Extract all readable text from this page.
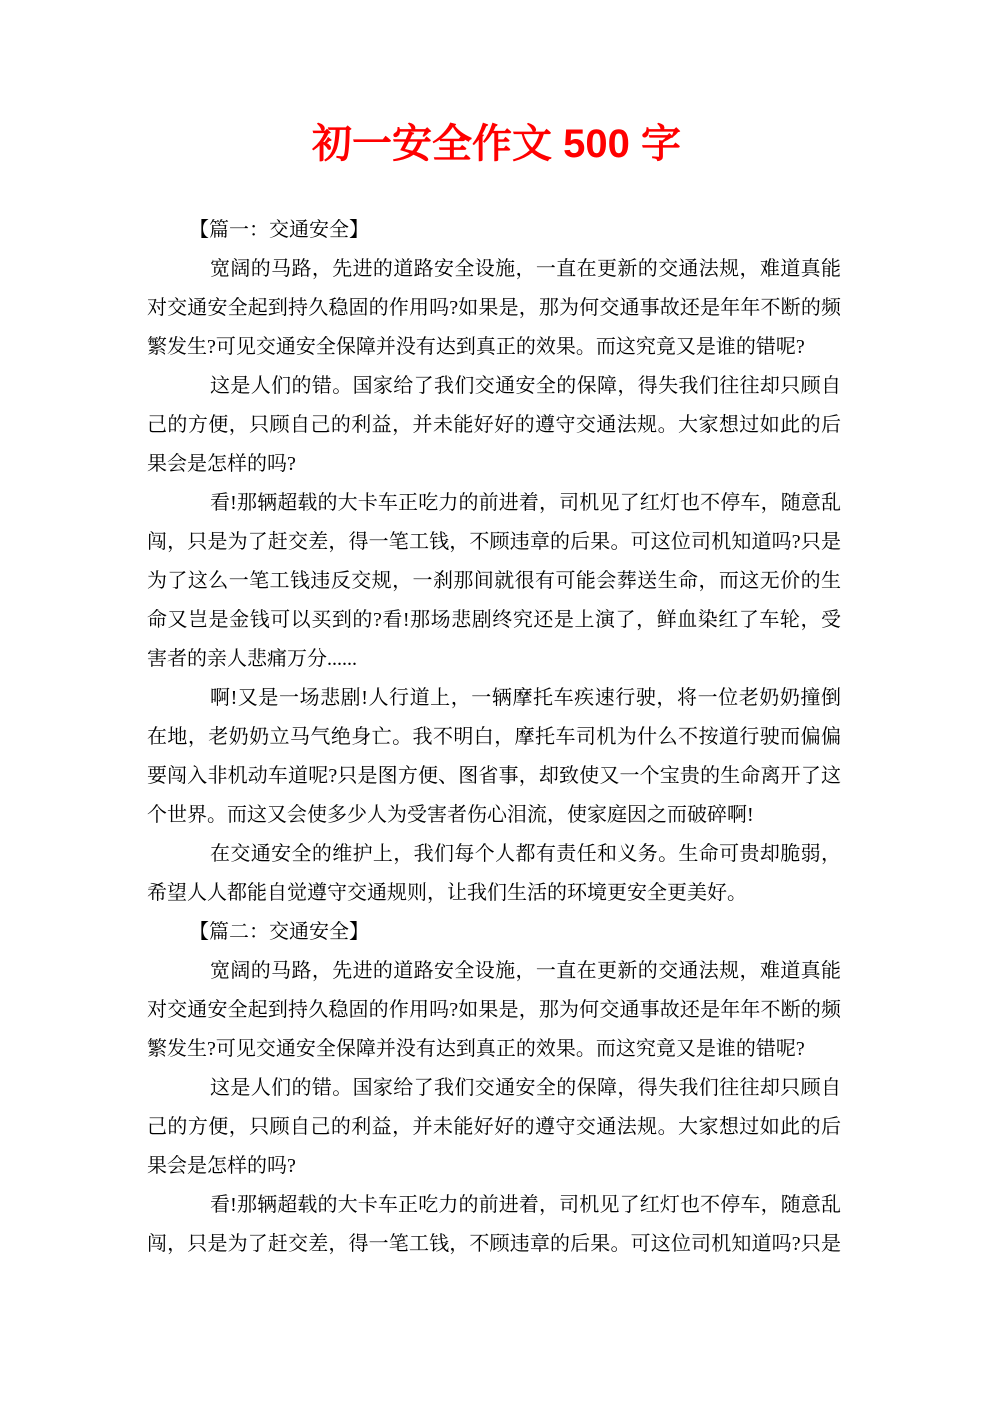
初一安全作文 500 字
【篇一：交通安全】
宽阔的马路，先进的道路安全设施，一直在更新的交通法规，难道真能
对交通安全起到持久稳固的作用吗?如果是，那为何交通事故还是年年不断的频
繁发生?可见交通安全保障并没有达到真正的效果。而这究竟又是谁的错呢?
这是人们的错。国家给了我们交通安全的保障，得失我们往往却只顾自
己的方便，只顾自己的利益，并未能好好的遵守交通法规。大家想过如此的后
果会是怎样的吗?
看!那辆超载的大卡车正吃力的前进着，司机见了红灯也不停车，随意乱
闯，只是为了赶交差，得一笔工钱，不顾违章的后果。可这位司机知道吗?只是
为了这么一笔工钱违反交规，一刹那间就很有可能会葬送生命，而这无价的生
命又岂是金钱可以买到的?看!那场悲剧终究还是上演了，鲜血染红了车轮，受
害者的亲人悲痛万分......
啊!又是一场悲剧!人行道上，一辆摩托车疾速行驶，将一位老奶奶撞倒
在地，老奶奶立马气绝身亡。我不明白，摩托车司机为什么不按道行驶而偏偏
要闯入非机动车道呢?只是图方便、图省事，却致使又一个宝贵的生命离开了这
个世界。而这又会使多少人为受害者伤心泪流，使家庭因之而破碎啊!
在交通安全的维护上，我们每个人都有责任和义务。生命可贵却脆弱，
希望人人都能自觉遵守交通规则，让我们生活的环境更安全更美好。
【篇二：交通安全】
宽阔的马路，先进的道路安全设施，一直在更新的交通法规，难道真能
对交通安全起到持久稳固的作用吗?如果是，那为何交通事故还是年年不断的频
繁发生?可见交通安全保障并没有达到真正的效果。而这究竟又是谁的错呢?
这是人们的错。国家给了我们交通安全的保障，得失我们往往却只顾自
己的方便，只顾自己的利益，并未能好好的遵守交通法规。大家想过如此的后
果会是怎样的吗?
看!那辆超载的大卡车正吃力的前进着，司机见了红灯也不停车，随意乱
闯，只是为了赶交差，得一笔工钱，不顾违章的后果。可这位司机知道吗?只是
